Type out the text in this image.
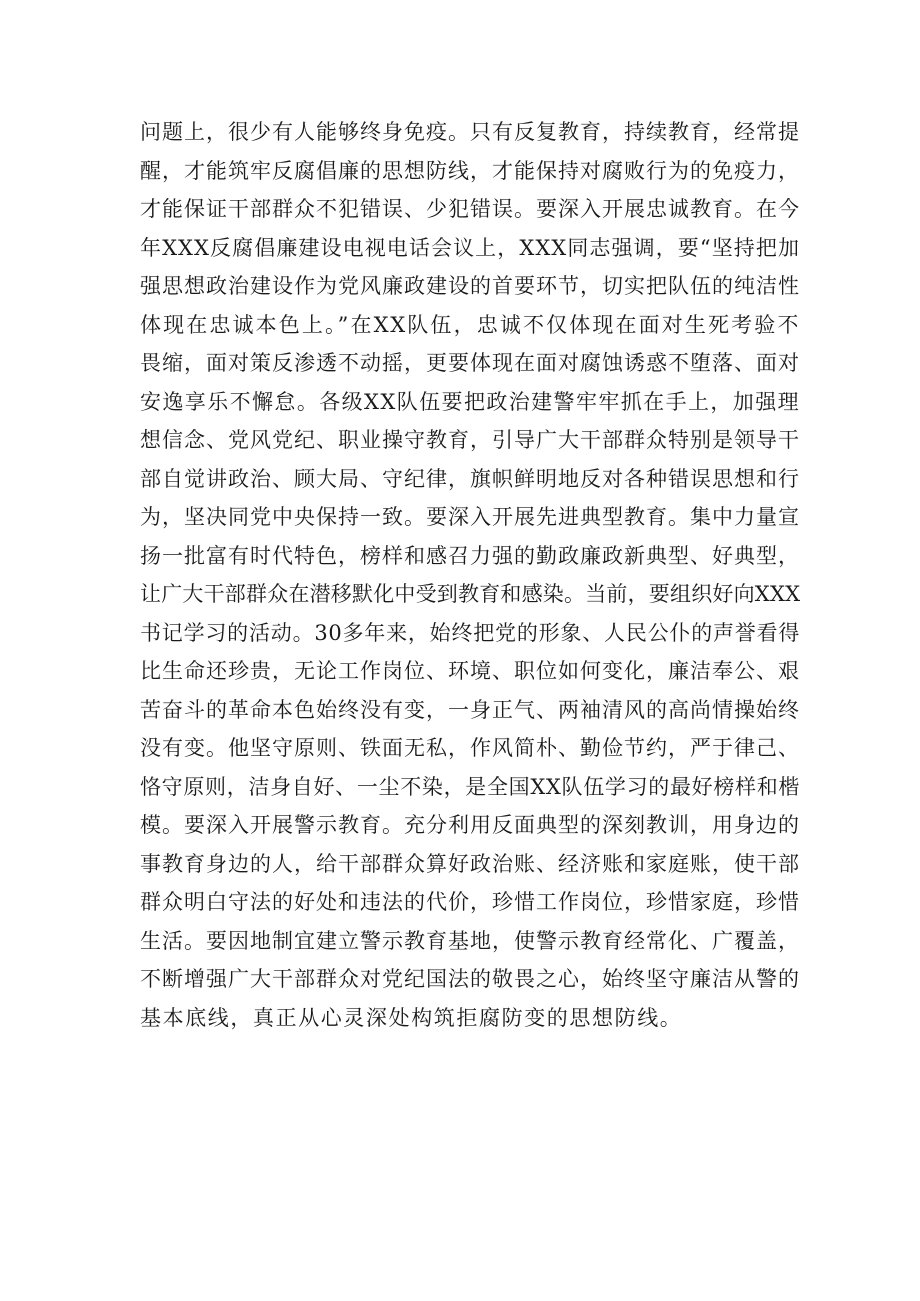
问题上，很少有人能够终身免疫。只有反复教育，持续教育，经常提
醒，才能筑牢反腐倡廉的思想防线，才能保持对腐败行为的免疫力，
才能保证干部群众不犯错误、少犯错误。要深入开展忠诚教育。在今
年XXX反腐倡廉建设电视电话会议上，XXX同志强调，要“坚持把加
强思想政治建设作为党风廉政建设的首要环节，切实把队伍的纯洁性
体现在忠诚本色上。”在XX队伍，忠诚不仅体现在面对生死考验不
畏缩，面对策反渗透不动摇，更要体现在面对腐蚀诱惑不堕落、面对
安逸享乐不懈怠。各级XX队伍要把政治建警牢牢抓在手上，加强理
想信念、党风党纪、职业操守教育，引导广大干部群众特别是领导干
部自觉讲政治、顾大局、守纪律，旗帜鲜明地反对各种错误思想和行
为，坚决同党中央保持一致。要深入开展先进典型教育。集中力量宣
扬一批富有时代特色，榜样和感召力强的勤政廉政新典型、好典型，
让广大干部群众在潜移默化中受到教育和感染。当前，要组织好向XXX
书记学习的活动。30多年来，始终把党的形象、人民公仆的声誉看得
比生命还珍贵，无论工作岗位、环境、职位如何变化，廉洁奉公、艰
苦奋斗的革命本色始终没有变，一身正气、两袖清风的高尚情操始终
没有变。他坚守原则、铁面无私，作风简朴、勤俭节约，严于律己、
恪守原则，洁身自好、一尘不染，是全国XX队伍学习的最好榜样和楷
模。要深入开展警示教育。充分利用反面典型的深刻教训，用身边的
事教育身边的人，给干部群众算好政治账、经济账和家庭账，使干部
群众明白守法的好处和违法的代价，珍惜工作岗位，珍惜家庭，珍惜
生活。要因地制宜建立警示教育基地，使警示教育经常化、广覆盖，
不断增强广大干部群众对党纪国法的敬畏之心，始终坚守廉洁从警的
基本底线，真正从心灵深处构筑拒腐防变的思想防线。
